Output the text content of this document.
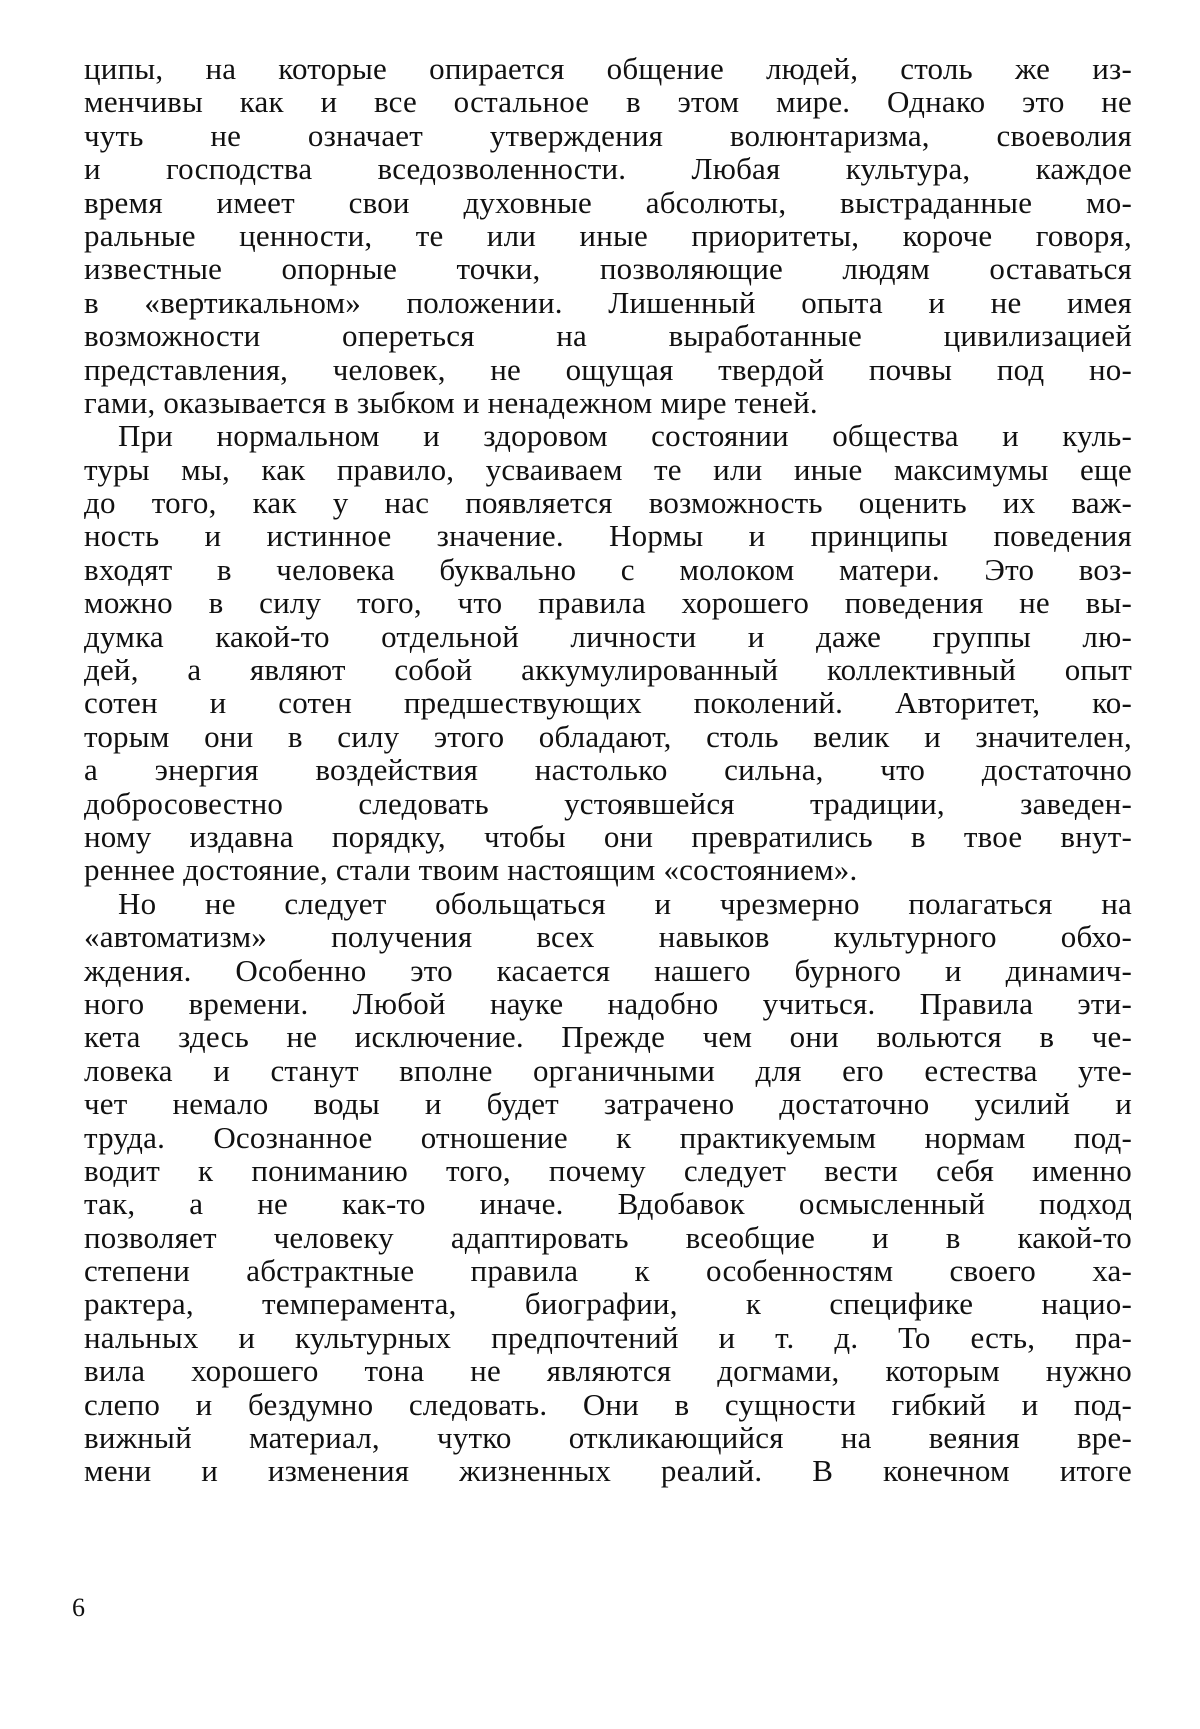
ципы, на которые опирается общение людей, столь же из-
менчивы как и все остальное в этом мире. Однако это не
чуть не означает утверждения волюнтаризма, своеволия
и господства вседозволенности. Любая культура, каждое
время имеет свои духовные абсолюты, выстраданные мо-
ральные ценности, те или иные приоритеты, короче говоря,
известные опорные точки, позволяющие людям оставаться
в «вертикальном» положении. Лишенный опыта и не имея
возможности опереться на выработанные цивилизацией
представления, человек, не ощущая твердой почвы под но-
гами, оказывается в зыбком и ненадежном мире теней.
При нормальном и здоровом состоянии общества и куль-
туры мы, как правило, усваиваем те или иные максимумы еще
до того, как у нас появляется возможность оценить их важ-
ность и истинное значение. Нормы и принципы поведения
входят в человека буквально с молоком матери. Это воз-
можно в силу того, что правила хорошего поведения не вы-
думка какой-то отдельной личности и даже группы лю-
дей, а являют собой аккумулированный коллективный опыт
сотен и сотен предшествующих поколений. Авторитет, ко-
торым они в силу этого обладают, столь велик и значителен,
а энергия воздействия настолько сильна, что достаточно
добросовестно следовать устоявшейся традиции, заведен-
ному издавна порядку, чтобы они превратились в твое внут-
реннее достояние, стали твоим настоящим «состоянием».
Но не следует обольщаться и чрезмерно полагаться на
«автоматизм» получения всех навыков культурного обхо-
ждения. Особенно это касается нашего бурного и динамич-
ного времени. Любой науке надобно учиться. Правила эти-
кета здесь не исключение. Прежде чем они вольются в че-
ловека и станут вполне органичными для его естества уте-
чет немало воды и будет затрачено достаточно усилий и
труда. Осознанное отношение к практикуемым нормам под-
водит к пониманию того, почему следует вести себя именно
так, а не как-то иначе. Вдобавок осмысленный подход
позволяет человеку адаптировать всеобщие и в какой-то
степени абстрактные правила к особенностям своего ха-
рактера, темперамента, биографии, к специфике нацио-
нальных и культурных предпочтений и т. д. То есть, пра-
вила хорошего тона не являются догмами, которым нужно
слепо и бездумно следовать. Они в сущности гибкий и под-
вижный материал, чутко откликающийся на веяния вре-
мени и изменения жизненных реалий. В конечном итоге
6
